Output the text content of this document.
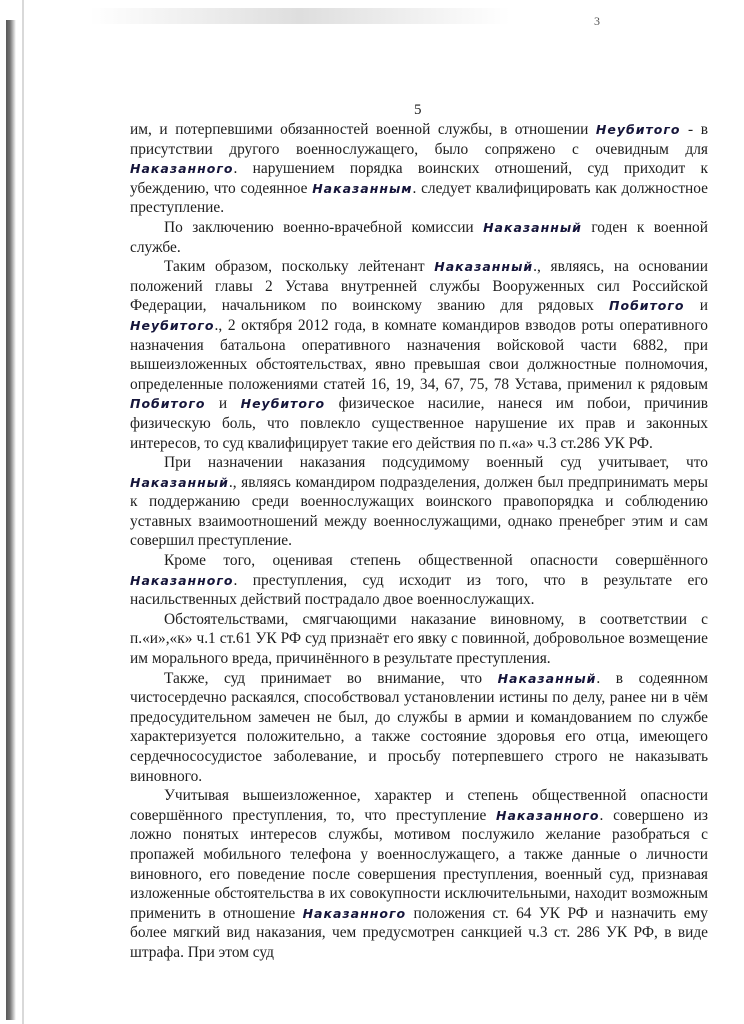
3
5

им, и потерпевшими обязанностей военной службы, в отношении Неубитого - в присутствии другого военнослужащего, было сопряжено с очевидным для Наказанного. нарушением порядка воинских отношений, суд приходит к убеждению, что содеянное Наказанным. следует квалифицировать как должностное преступление.

По заключению военно-врачебной комиссии Наказанный годен к военной службе.

Таким образом, поскольку лейтенант Наказанный., являясь, на основании положений главы 2 Устава внутренней службы Вооруженных сил Российской Федерации, начальником по воинскому званию для рядовых Побитого и Неубитого., 2 октября 2012 года, в комнате командиров взводов роты оперативного назначения батальона оперативного назначения войсковой части 6882, при вышеизложенных обстоятельствах, явно превышая свои должностные полномочия, определенные положениями статей 16, 19, 34, 67, 75, 78 Устава, применил к рядовым Побитого и Неубитого физическое насилие, нанеся им побои, причинив физическую боль, что повлекло существенное нарушение их прав и законных интересов, то суд квалифицирует такие его действия по п.«а» ч.3 ст.286 УК РФ.

При назначении наказания подсудимому военный суд учитывает, что Наказанный., являясь командиром подразделения, должен был предпринимать меры к поддержанию среди военнослужащих воинского правопорядка и соблюдению уставных взаимоотношений между военнослужащими, однако пренебрег этим и сам совершил преступление.

Кроме того, оценивая степень общественной опасности совершённого Наказанного. преступления, суд исходит из того, что в результате его насильственных действий пострадало двое военнослужащих.

Обстоятельствами, смягчающими наказание виновному, в соответствии с п.«и»,«к» ч.1 ст.61 УК РФ суд признаёт его явку с повинной, добровольное возмещение им морального вреда, причинённого в результате преступления.

Также, суд принимает во внимание, что Наказанный. в содеянном чистосердечно раскаялся, способствовал установлении истины по делу, ранее ни в чём предосудительном замечен не был, до службы в армии и командованием по службе характеризуется положительно, а также состояние здоровья его отца, имеющего сердечнососудистое заболевание, и просьбу потерпевшего строго не наказывать виновного.

Учитывая вышеизложенное, характер и степень общественной опасности совершённого преступления, то, что преступление Наказанного. совершено из ложно понятых интересов службы, мотивом послужило желание разобраться с пропажей мобильного телефона у военнослужащего, а также данные о личности виновного, его поведение после совершения преступления, военный суд, признавая изложенные обстоятельства в их совокупности исключительными, находит возможным применить в отношение Наказанного положения ст. 64 УК РФ и назначить ему более мягкий вид наказания, чем предусмотрен санкцией ч.3 ст. 286 УК РФ, в виде штрафа. При этом суд
